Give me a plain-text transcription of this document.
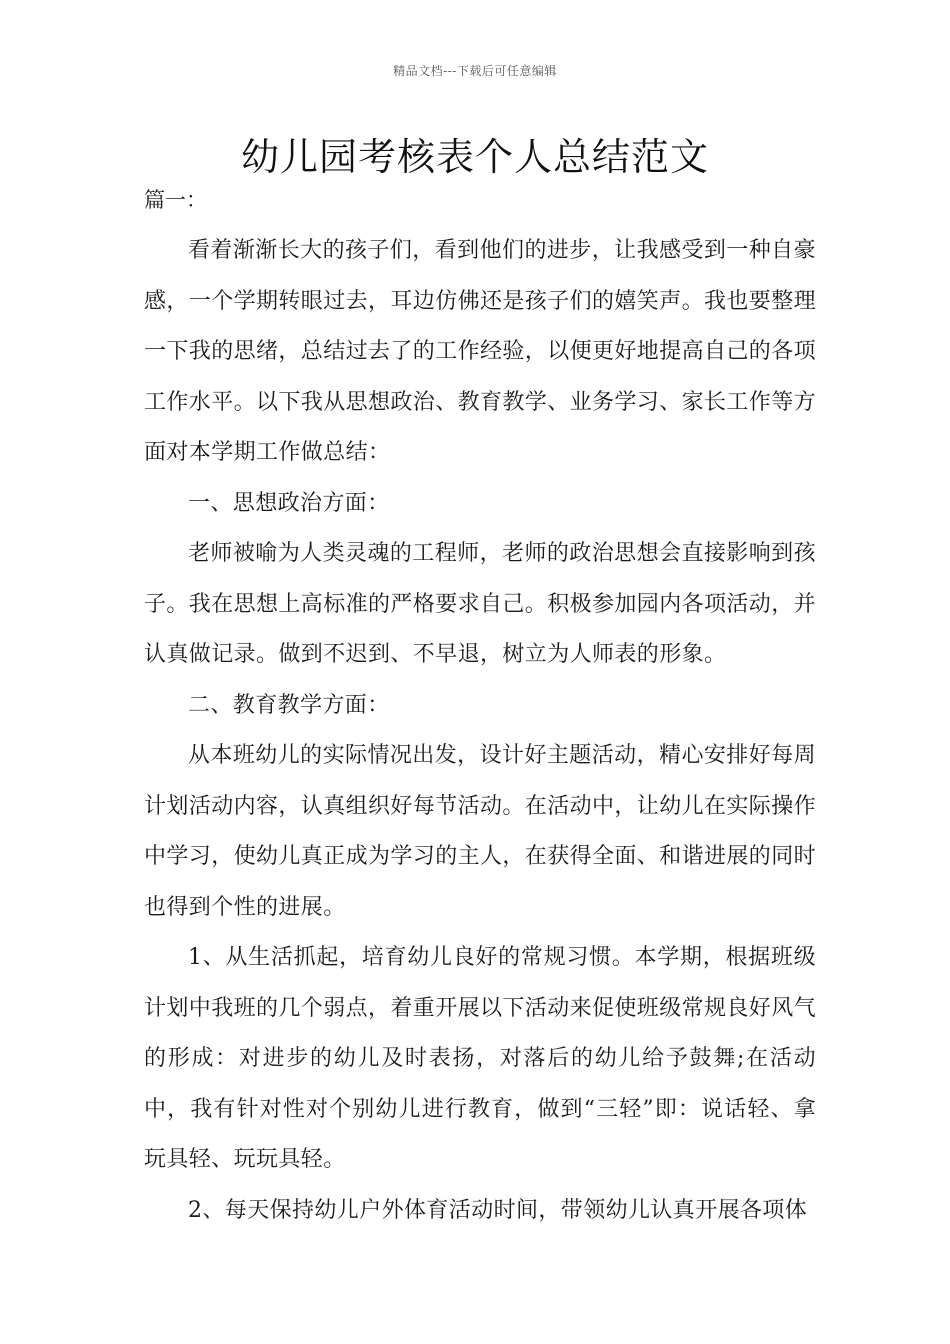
精品文档---下载后可任意编辑
幼儿园考核表个人总结范文

篇一：

看着渐渐长大的孩子们，看到他们的进步，让我感受到一种自豪感，一个学期转眼过去，耳边仿佛还是孩子们的嬉笑声。我也要整理一下我的思绪，总结过去了的工作经验，以便更好地提高自己的各项工作水平。以下我从思想政治、教育教学、业务学习、家长工作等方面对本学期工作做总结：

一、思想政治方面：

老师被喻为人类灵魂的工程师，老师的政治思想会直接影响到孩子。我在思想上高标准的严格要求自己。积极参加园内各项活动，并认真做记录。做到不迟到、不早退，树立为人师表的形象。

二、教育教学方面：

从本班幼儿的实际情况出发，设计好主题活动，精心安排好每周计划活动内容，认真组织好每节活动。在活动中，让幼儿在实际操作中学习，使幼儿真正成为学习的主人，在获得全面、和谐进展的同时也得到个性的进展。

1、从生活抓起，培育幼儿良好的常规习惯。本学期，根据班级计划中我班的几个弱点，着重开展以下活动来促使班级常规良好风气的形成：对进步的幼儿及时表扬，对落后的幼儿给予鼓舞;在活动中，我有针对性对个别幼儿进行教育，做到“三轻”即：说话轻、拿玩具轻、玩玩具轻。

2、每天保持幼儿户外体育活动时间，带领幼儿认真开展各项体
